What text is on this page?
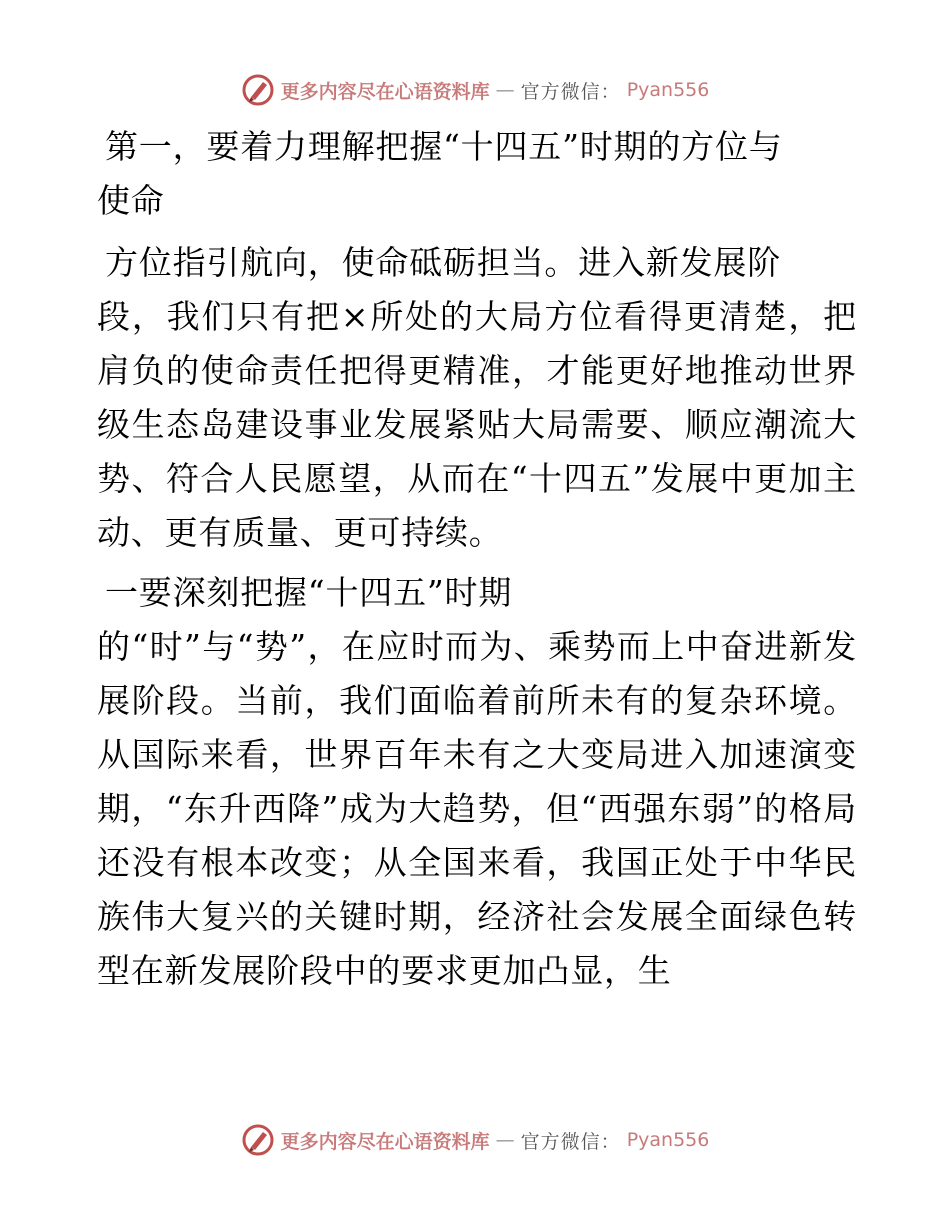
更多内容尽在心语资料库 — 官方微信： Pyan556

第一，要着力理解把握“十四五”时期的方位与
使命

方位指引航向，使命砥砺担当。进入新发展阶
段，我们只有把×所处的大局方位看得更清楚，把肩负的使命责任把得更精准，才能更好地推动世界级生态岛建设事业发展紧贴大局需要、顺应潮流大势、符合人民愿望，从而在“十四五”发展中更加主动、更有质量、更可持续。

一要深刻把握“十四五”时期
的“时”与“势”，在应时而为、乘势而上中奋进新发展阶段。当前，我们面临着前所未有的复杂环境。从国际来看，世界百年未有之大变局进入加速演变期，“东升西降”成为大趋势，但“西强东弱”的格局还没有根本改变；从全国来看，我国正处于中华民族伟大复兴的关键时期，经济社会发展全面绿色转型在新发展阶段中的要求更加凸显，生

更多内容尽在心语资料库 — 官方微信： Pyan556
